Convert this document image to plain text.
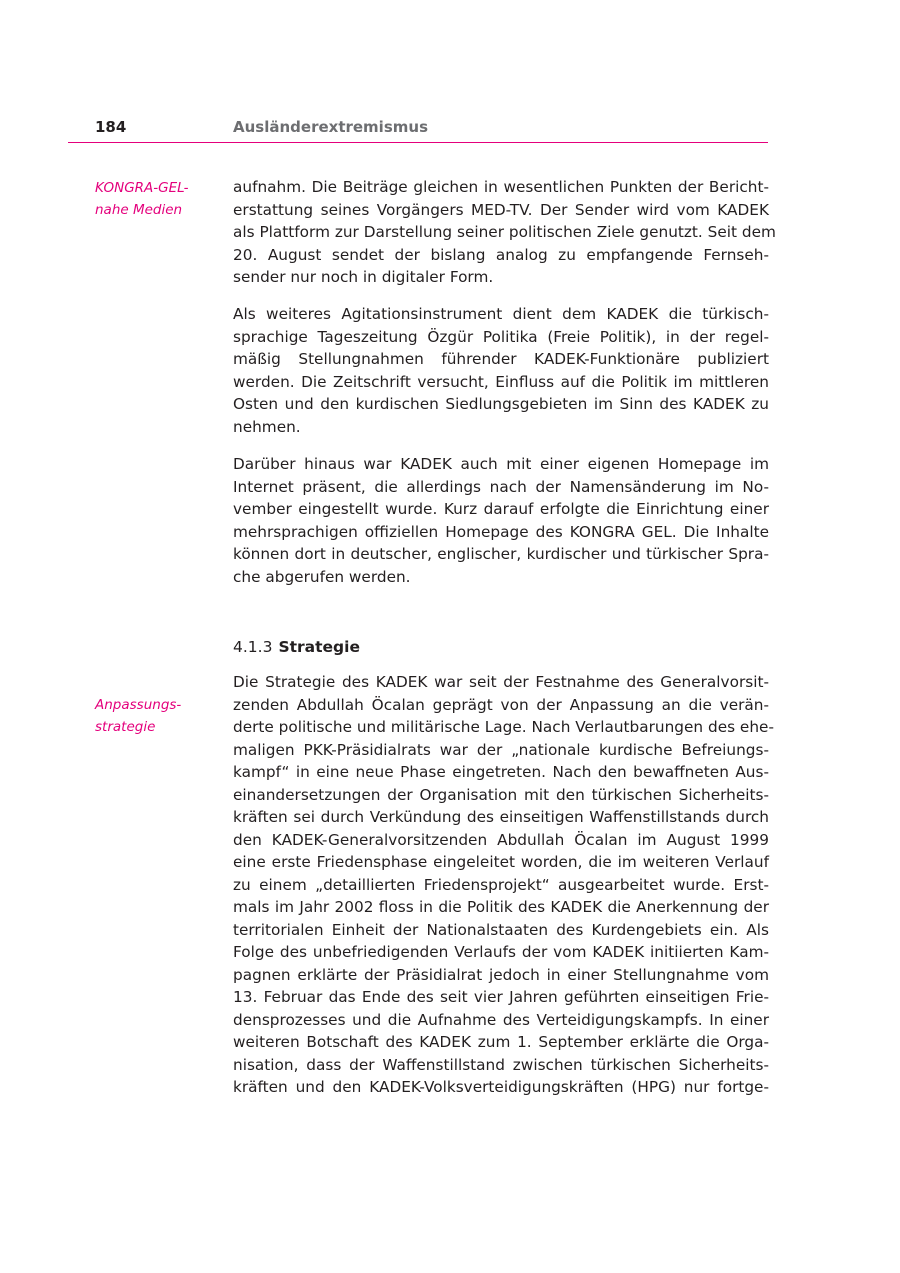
184	Ausländerextremismus
KONGRA-GEL-
nahe Medien
Anpassungs-
strategie

aufnahm. Die Beiträge gleichen in wesentlichen Punkten der Bericht-
erstattung seines Vorgängers MED-TV. Der Sender wird vom KADEK
als Plattform zur Darstellung seiner politischen Ziele genutzt. Seit dem
20. August sendet der bislang analog zu empfangende Fernseh-
sender nur noch in digitaler Form.

Als weiteres Agitationsinstrument dient dem KADEK die türkisch-
sprachige Tageszeitung Özgür Politika (Freie Politik), in der regel-
mäßig Stellungnahmen führender KADEK-Funktionäre publiziert
werden. Die Zeitschrift versucht, Einfluss auf die Politik im mittleren
Osten und den kurdischen Siedlungsgebieten im Sinn des KADEK zu
nehmen.

Darüber hinaus war KADEK auch mit einer eigenen Homepage im
Internet präsent, die allerdings nach der Namensänderung im No-
vember eingestellt wurde. Kurz darauf erfolgte die Einrichtung einer
mehrsprachigen offiziellen Homepage des KONGRA GEL. Die Inhalte
können dort in deutscher, englischer, kurdischer und türkischer Spra-
che abgerufen werden.

4.1.3 Strategie

Die Strategie des KADEK war seit der Festnahme des Generalvorsit-
zenden Abdullah Öcalan geprägt von der Anpassung an die verän-
derte politische und militärische Lage. Nach Verlautbarungen des ehe-
maligen PKK-Präsidialrats war der „nationale kurdische Befreiungs-
kampf“ in eine neue Phase eingetreten. Nach den bewaffneten Aus-
einandersetzungen der Organisation mit den türkischen Sicherheits-
kräften sei durch Verkündung des einseitigen Waffenstillstands durch
den KADEK-Generalvorsitzenden Abdullah Öcalan im August 1999
eine erste Friedensphase eingeleitet worden, die im weiteren Verlauf
zu einem „detaillierten Friedensprojekt“ ausgearbeitet wurde. Erst-
mals im Jahr 2002 floss in die Politik des KADEK die Anerkennung der
territorialen Einheit der Nationalstaaten des Kurdengebiets ein. Als
Folge des unbefriedigenden Verlaufs der vom KADEK initiierten Kam-
pagnen erklärte der Präsidialrat jedoch in einer Stellungnahme vom
13. Februar das Ende des seit vier Jahren geführten einseitigen Frie-
densprozesses und die Aufnahme des Verteidigungskampfs. In einer
weiteren Botschaft des KADEK zum 1. September erklärte die Orga-
nisation, dass der Waffenstillstand zwischen türkischen Sicherheits-
kräften und den KADEK-Volksverteidigungskräften (HPG) nur fortge-
